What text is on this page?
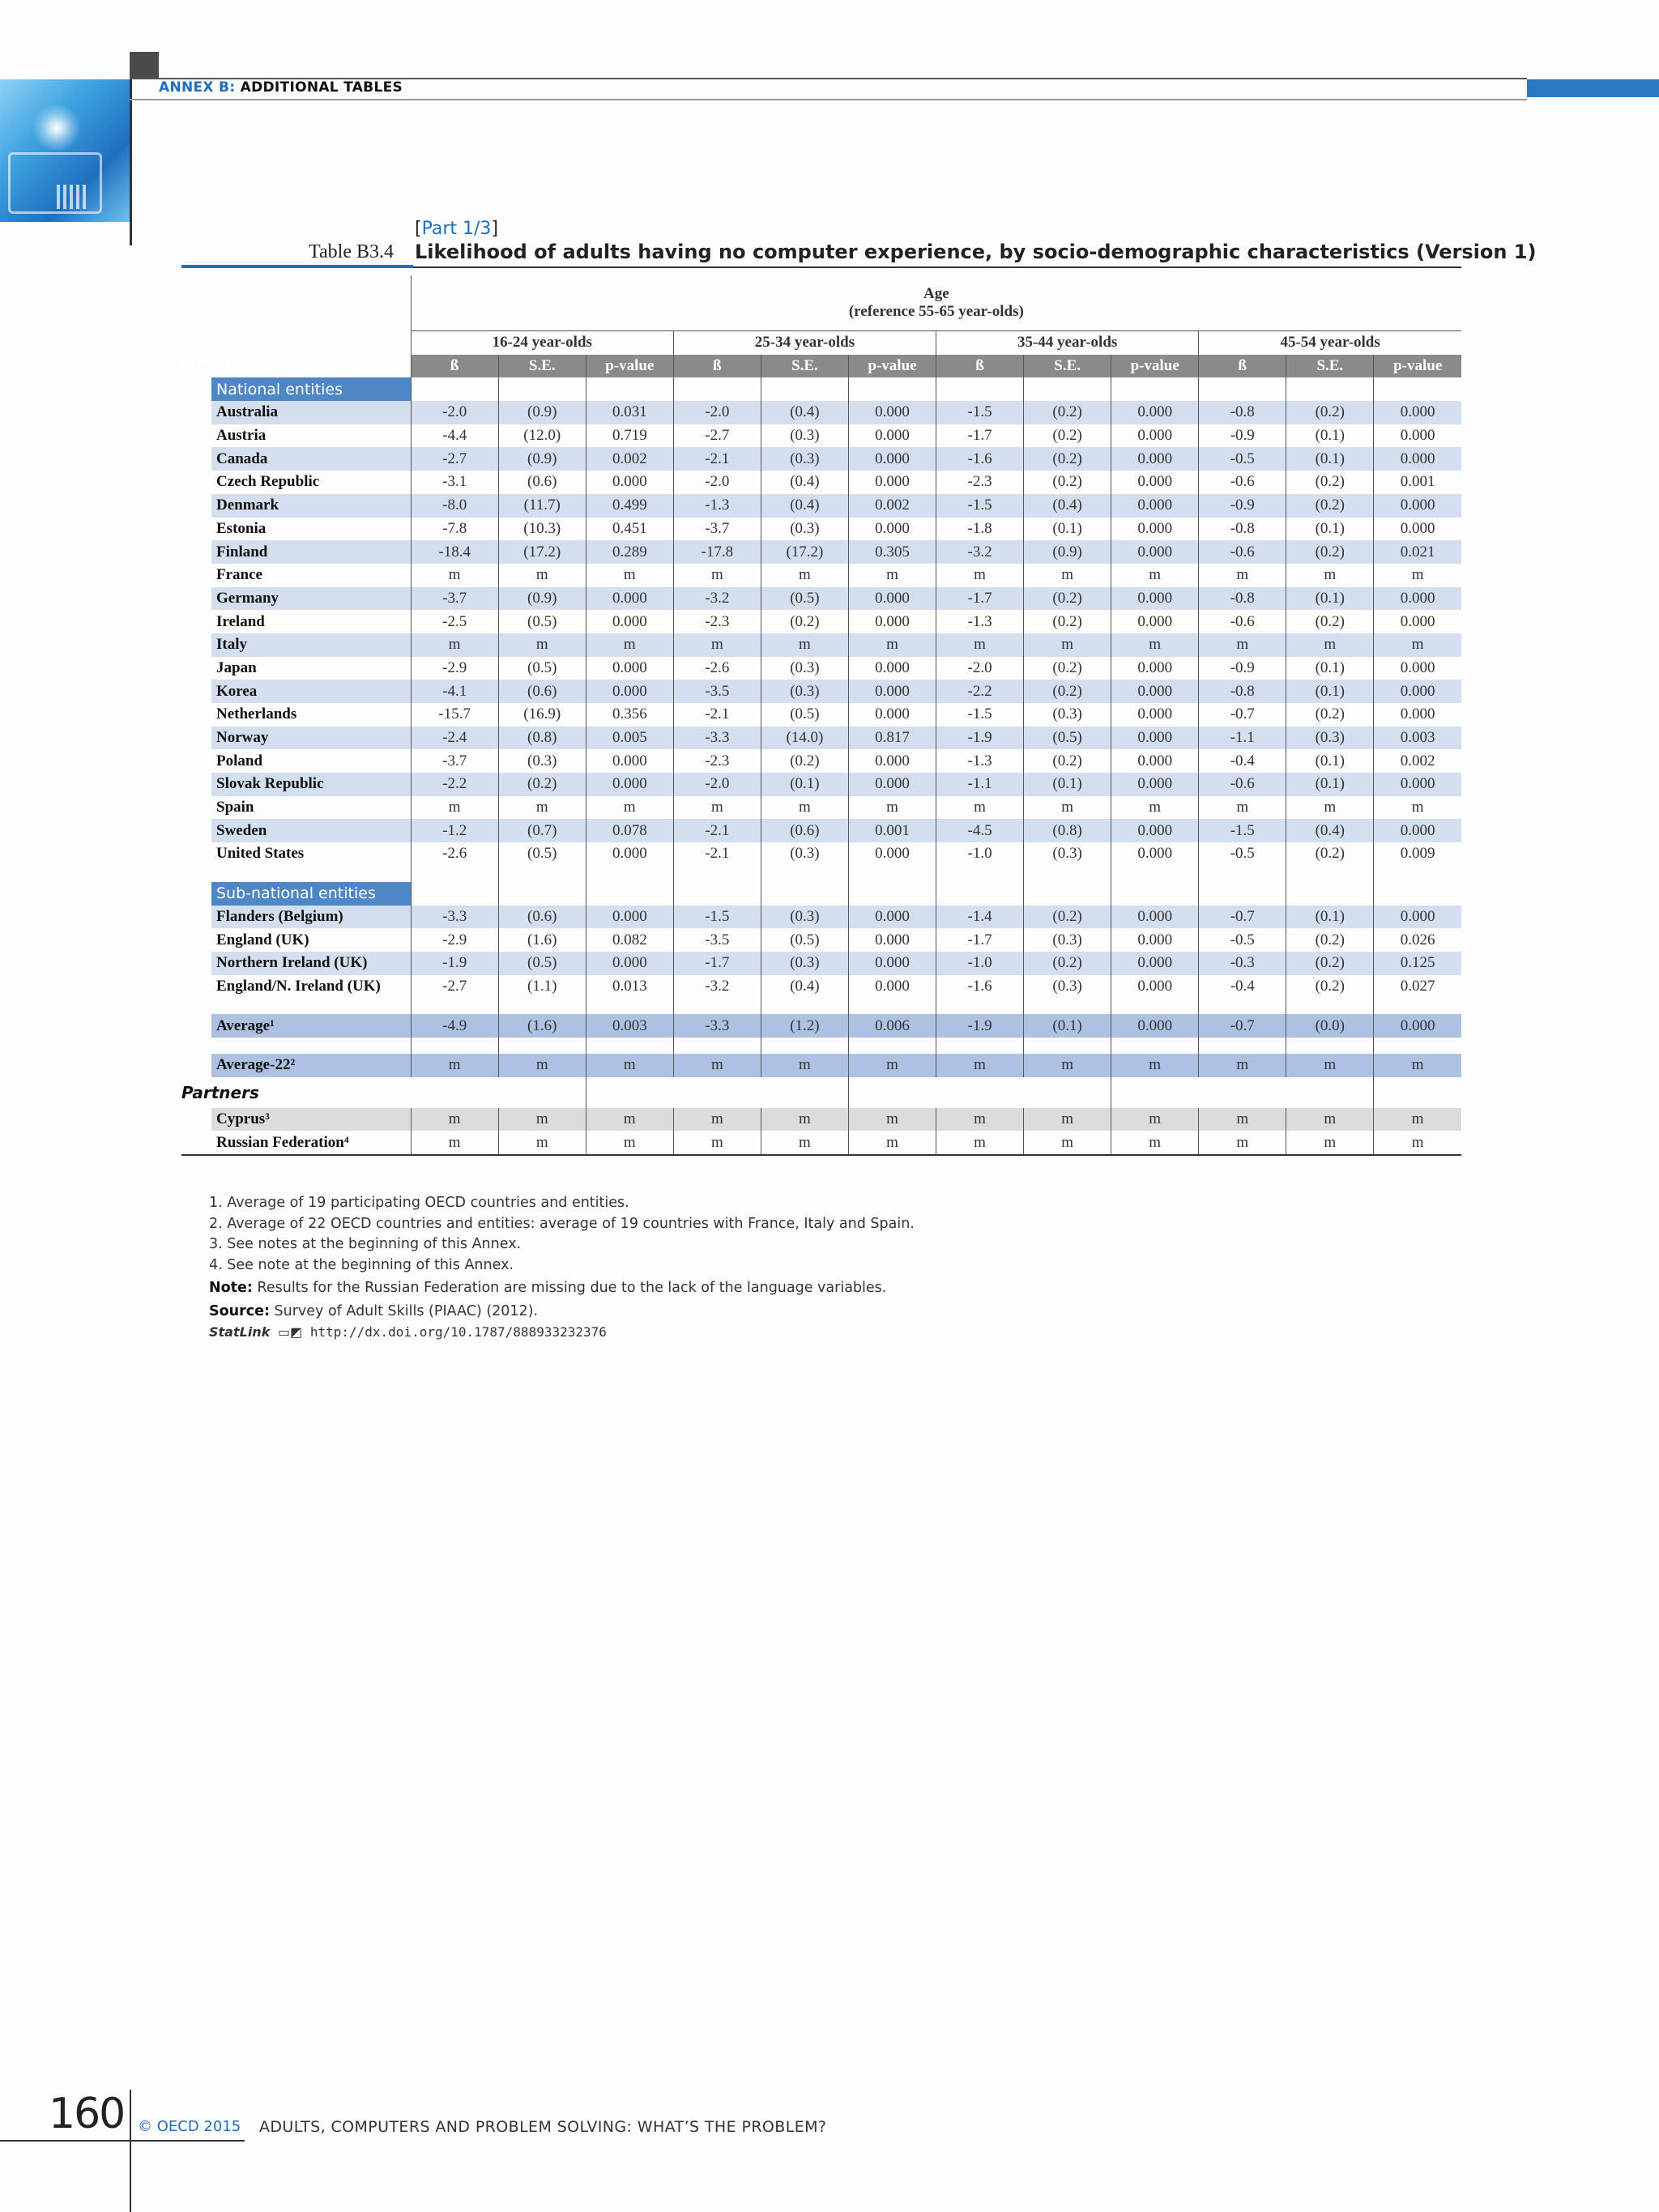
ANNEX B: ADDITIONAL TABLES
[Part 1/3]
Table B3.4 Likelihood of adults having no computer experience, by socio-demographic characteristics (Version 1)
	Age
(reference 55-65 year-olds)											
	16-24 year-olds			25-34 year-olds			35-44 year-olds			45-54 year-olds		
OECD	ß	S.E.	p-value	ß	S.E.	p-value	ß	S.E.	p-value	ß	S.E.	p-value
National entities												
Australia	-2.0	(0.9)	0.031	-2.0	(0.4)	0.000	-1.5	(0.2)	0.000	-0.8	(0.2)	0.000
Austria	-4.4	(12.0)	0.719	-2.7	(0.3)	0.000	-1.7	(0.2)	0.000	-0.9	(0.1)	0.000
Canada	-2.7	(0.9)	0.002	-2.1	(0.3)	0.000	-1.6	(0.2)	0.000	-0.5	(0.1)	0.000
Czech Republic	-3.1	(0.6)	0.000	-2.0	(0.4)	0.000	-2.3	(0.2)	0.000	-0.6	(0.2)	0.001
Denmark	-8.0	(11.7)	0.499	-1.3	(0.4)	0.002	-1.5	(0.4)	0.000	-0.9	(0.2)	0.000
Estonia	-7.8	(10.3)	0.451	-3.7	(0.3)	0.000	-1.8	(0.1)	0.000	-0.8	(0.1)	0.000
Finland	-18.4	(17.2)	0.289	-17.8	(17.2)	0.305	-3.2	(0.9)	0.000	-0.6	(0.2)	0.021
France	m	m	m	m	m	m	m	m	m	m	m	m
Germany	-3.7	(0.9)	0.000	-3.2	(0.5)	0.000	-1.7	(0.2)	0.000	-0.8	(0.1)	0.000
Ireland	-2.5	(0.5)	0.000	-2.3	(0.2)	0.000	-1.3	(0.2)	0.000	-0.6	(0.2)	0.000
Italy	m	m	m	m	m	m	m	m	m	m	m	m
Japan	-2.9	(0.5)	0.000	-2.6	(0.3)	0.000	-2.0	(0.2)	0.000	-0.9	(0.1)	0.000
Korea	-4.1	(0.6)	0.000	-3.5	(0.3)	0.000	-2.2	(0.2)	0.000	-0.8	(0.1)	0.000
Netherlands	-15.7	(16.9)	0.356	-2.1	(0.5)	0.000	-1.5	(0.3)	0.000	-0.7	(0.2)	0.000
Norway	-2.4	(0.8)	0.005	-3.3	(14.0)	0.817	-1.9	(0.5)	0.000	-1.1	(0.3)	0.003
Poland	-3.7	(0.3)	0.000	-2.3	(0.2)	0.000	-1.3	(0.2)	0.000	-0.4	(0.1)	0.002
Slovak Republic	-2.2	(0.2)	0.000	-2.0	(0.1)	0.000	-1.1	(0.1)	0.000	-0.6	(0.1)	0.000
Spain	m	m	m	m	m	m	m	m	m	m	m	m
Sweden	-1.2	(0.7)	0.078	-2.1	(0.6)	0.001	-4.5	(0.8)	0.000	-1.5	(0.4)	0.000
United States	-2.6	(0.5)	0.000	-2.1	(0.3)	0.000	-1.0	(0.3)	0.000	-0.5	(0.2)	0.009

Sub-national entities												
Flanders (Belgium)	-3.3	(0.6)	0.000	-1.5	(0.3)	0.000	-1.4	(0.2)	0.000	-0.7	(0.1)	0.000
England (UK)	-2.9	(1.6)	0.082	-3.5	(0.5)	0.000	-1.7	(0.3)	0.000	-0.5	(0.2)	0.026
Northern Ireland (UK)	-1.9	(0.5)	0.000	-1.7	(0.3)	0.000	-1.0	(0.2)	0.000	-0.3	(0.2)	0.125
England/N. Ireland (UK)	-2.7	(1.1)	0.013	-3.2	(0.4)	0.000	-1.6	(0.3)	0.000	-0.4	(0.2)	0.027

Average¹	-4.9	(1.6)	0.003	-3.3	(1.2)	0.006	-1.9	(0.1)	0.000	-0.7	(0.0)	0.000

Average-22²	m	m	m	m	m	m	m	m	m	m	m	m
Partners												
Cyprus³	m	m	m	m	m	m	m	m	m	m	m	m
Russian Federation⁴	m	m	m	m	m	m	m	m	m	m	m	m
1. Average of 19 participating OECD countries and entities.
2. Average of 22 OECD countries and entities: average of 19 countries with France, Italy and Spain.
3. See notes at the beginning of this Annex.
4. See note at the beginning of this Annex.
Note: Results for the Russian Federation are missing due to the lack of the language variables.
Source: Survey of Adult Skills (PIAAC) (2012).
StatLink ▭◩ http://dx.doi.org/10.1787/888933232376
160 © OECD 2015 ADULTS, COMPUTERS AND PROBLEM SOLVING: WHAT’S THE PROBLEM?
